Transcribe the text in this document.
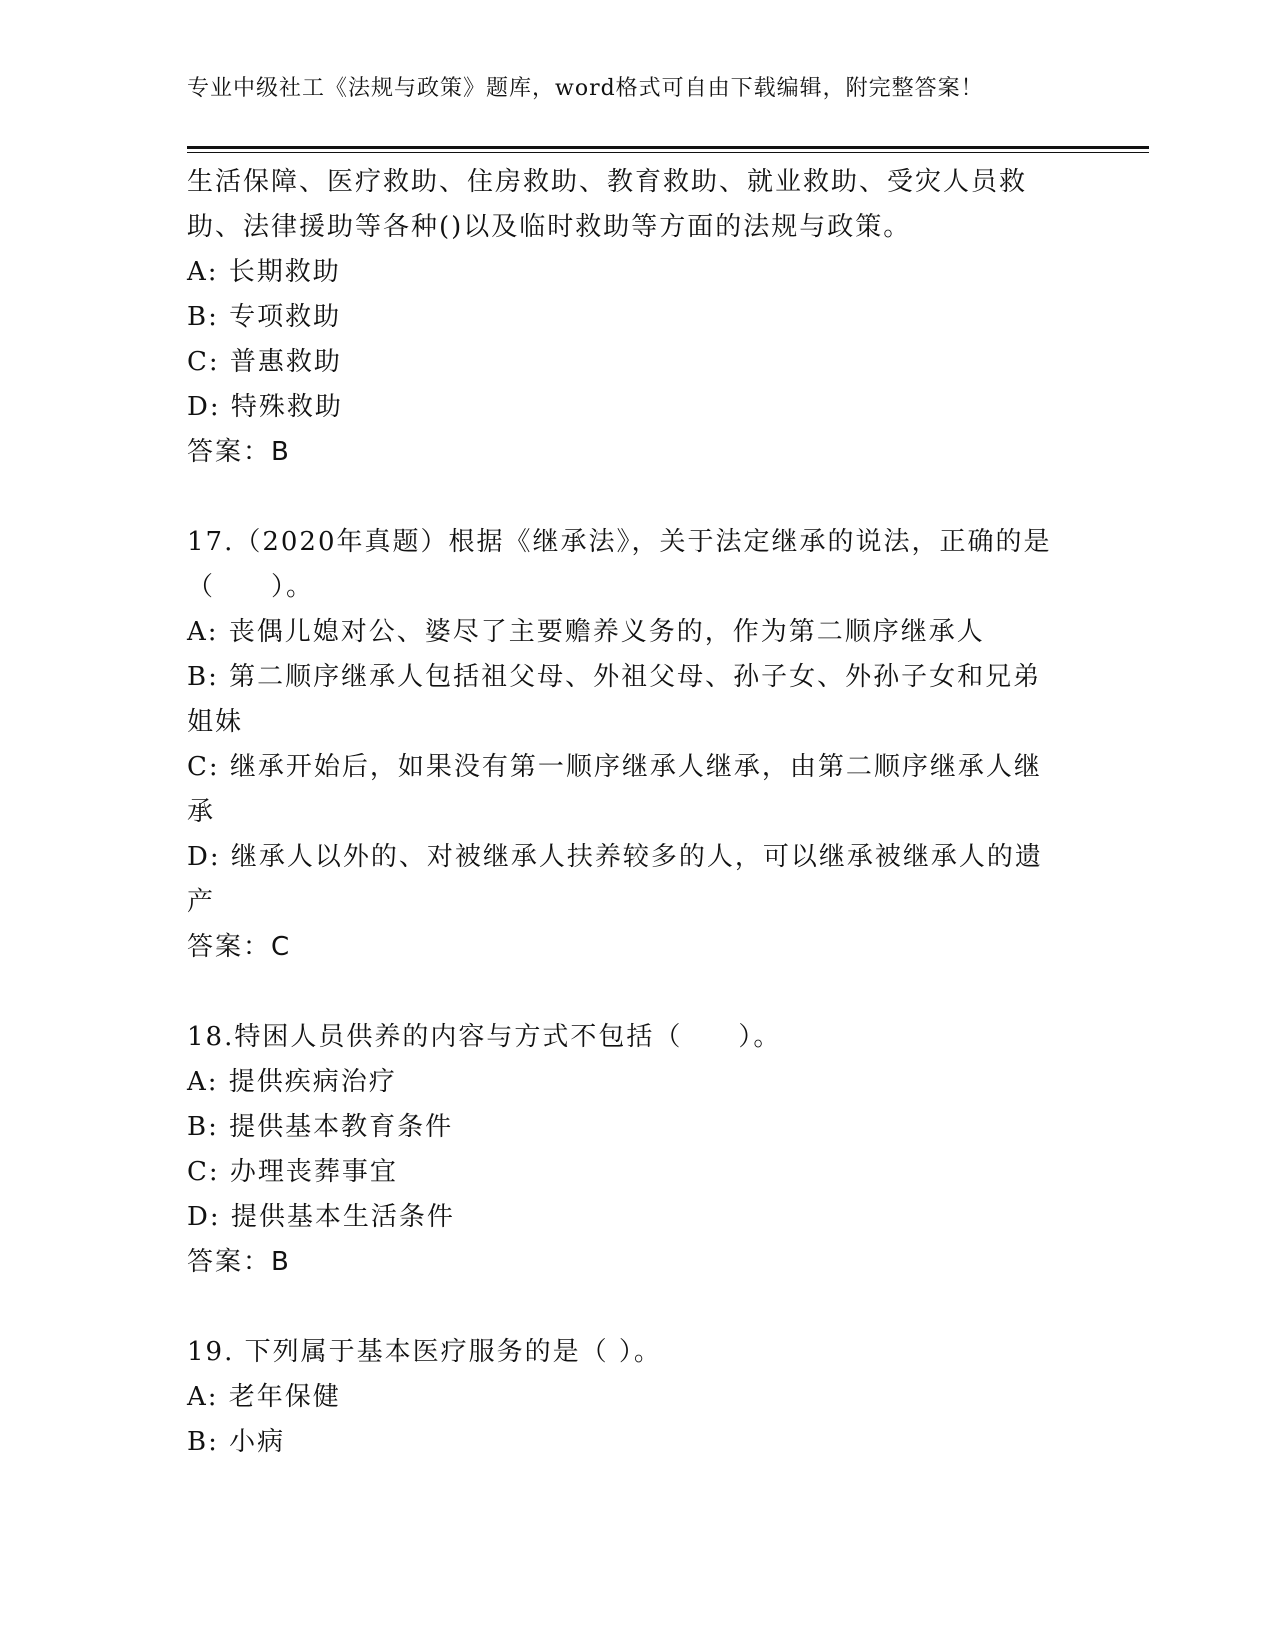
专业中级社工《法规与政策》题库，word格式可自由下载编辑，附完整答案！
生活保障、医疗救助、住房救助、教育救助、就业救助、受灾人员救
助、法律援助等各种()以及临时救助等方面的法规与政策。
A: 长期救助
B: 专项救助
C: 普惠救助
D: 特殊救助
答案：B
17.（2020年真题）根据《继承法》，关于法定继承的说法，正确的是
（　　）。
A: 丧偶儿媳对公、婆尽了主要赡养义务的，作为第二顺序继承人
B: 第二顺序继承人包括祖父母、外祖父母、孙子女、外孙子女和兄弟
姐妹
C: 继承开始后，如果没有第一顺序继承人继承，由第二顺序继承人继
承
D: 继承人以外的、对被继承人扶养较多的人，可以继承被继承人的遗
产
答案：C
18.特困人员供养的内容与方式不包括（　　）。
A: 提供疾病治疗
B: 提供基本教育条件
C: 办理丧葬事宜
D: 提供基本生活条件
答案：B
19. 下列属于基本医疗服务的是（ ）。
A: 老年保健
B: 小病
